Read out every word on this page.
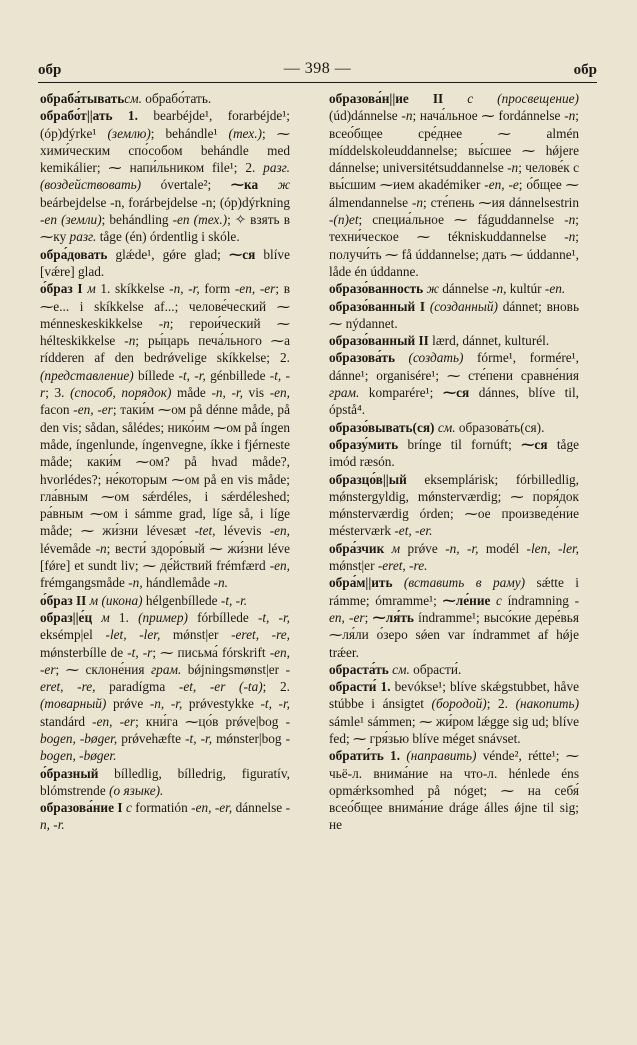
обр	— 398 —	обр
обраба́тыватьсм. обрабо́тать.
обрабо́т||ать 1. bearbéjde¹, forarbéjde¹; (óp)dýrke¹ (землю); behándle¹ (тех.); ⁓ хими́ческим спо́собом behándle med kemikálier; ⁓ напи́льником file¹; 2. разг. (воздействовать) óvertale²; ⁓ка ж beárbejdelse -n, forárbejdelse -n; (óp)dýrkning -en (земли); behándling -en (тех.); ✧ взять в ⁓ку разг. tåge (én) órdentlig i skóle.
обра́довать glǽde¹, gǿre glad; ⁓ся blíve [vǽre] glad.
о́браз I м 1. skíkkelse -n, -r, form -en, -er; в ⁓е... i skíkkelse af...; челове́ческий ⁓ ménneskeskikkelse -n; герои́ческий ⁓ hélteskikkelse -n; ры́царь печа́льного ⁓а rídderen af den bedrǿvelige skíkkelse; 2. (представление) bíllede -t, -r, génbillede -t, -r; 3. (способ, порядок) måde -n, -r, vis -en, facon -en, -er; таки́м ⁓ом på dénne måde, på den vis; sådan, sålédes; нико́им ⁓ом på íngen måde, íngenlunde, íngenvegne, íkke i fjérneste måde; каки́м ⁓ом? på hvad måde?, hvorlédes?; не́которым ⁓ом på en vis måde; гла́вным ⁓ом sǽrdéles, i sǽrdéleshed; ра́вным ⁓ом i sámme grad, líge så, i líge måde; ⁓ жи́зни lévesæt -tet, lévevis -en, lévemåde -n; вести́ здоро́вый ⁓ жи́зни léve [fǿre] et sundt liv; ⁓ де́йствий frémfærd -en, frémgangsmåde -n, hándlemåde -n.
о́браз II м (икона) hélgenbíllede -t, -r.
образ||е́ц м 1. (пример) fórbíllede -t, -r, eksémp|el -let, -ler, mǿnst|er -eret, -re, mǿnsterbílle de -t, -r; ⁓ письма́ fórskrift -en, -er; ⁓ склоне́ния грам. bǿjningsmønst|er -eret, -re, paradígma -et, -er (-ta); 2. (товарный) prǿve -n, -r, prǿvestykke -t, -r, standárd -en, -er; кни́га ⁓цо́в prǿve|bog -bogen, -bøger, prǿvehæfte -t, -r, mǿnster|bog -bogen, -bøger.
о́бразный bílledlig, bílledrig, figuratív, blómstrende (о языке).
образова́ние I с formatión -en, -er, dánnelse -n, -r.
образова́н||ие II с (просвещение) (úd)dánnelse -n; нача́льное ⁓ fordánnelse -n; всео́бщее сре́днее ⁓ almén míddelskoleuddannelse; вы́сшее ⁓ hǿjere dánnelse; universitétsuddannelse -n; челове́к с вы́сшим ⁓ием akadémiker -en, -e; о́бщее ⁓ álmendannelse -n; сте́пень ⁓ия dánnelsestrin -(n)et; специа́льное ⁓ fáguddannelse -n; техни́ческое ⁓ tékniskuddannelse -n; получи́ть ⁓ få úddannelse; дать ⁓ úddanne¹, låde én úddanne.
образо́ванность ж dánnelse -n, kultúr -en.
образо́ванный I (созданный) dánnet; вновь ⁓ nýdannet.
образо́ванный II lærd, dánnet, kulturél.
образова́ть (создать) fórme¹, formére¹, dánne¹; organisére¹; ⁓ сте́пени сравне́ния грам. komparére¹; ⁓ся dánnes, blíve til, ópstå⁴.
образо́вывать(ся) см. образова́ть(ся).
образу́мить brínge til fornúft; ⁓ся tåge imód ræsón.
образцо́в||ый eksemplárisk; fórbilledlig, mǿnstergyldig, mǿnsterværdig; ⁓ поря́док mǿnsterværdig órden; ⁓ое произведе́ние mésterværk -et, -er.
обра́зчик м prǿve -n, -r, modél -len, -ler, mǿnst|er -eret, -re.
обра́м||ить (вставить в раму) sǽtte i rámme; ómramme¹; ⁓ле́ние с índramning -en, -er; ⁓ля́ть índramme¹; высо́кие дере́вья ⁓ля́ли о́зеро sǿen var índrammet af hǿje trǽer.
обраста́ть см. обрасти́.
обрасти́ 1. bevókse¹; blíve skǽgstubbet, håve stúbbe i ánsigtet (бородой); 2. (накопить) sámle¹ sámmen; ⁓ жи́ром lǽgge sig ud; blíve fed; ⁓ гря́зью blíve méget snávset.
обрати́ть 1. (направить) vénde², rétte¹; ⁓ чьё-л. внима́ние на что-л. hénlede éns opmǽrksomhed på nóget; ⁓ на себя́ всео́бщее внима́ние dráge álles ǿjne til sig; не
